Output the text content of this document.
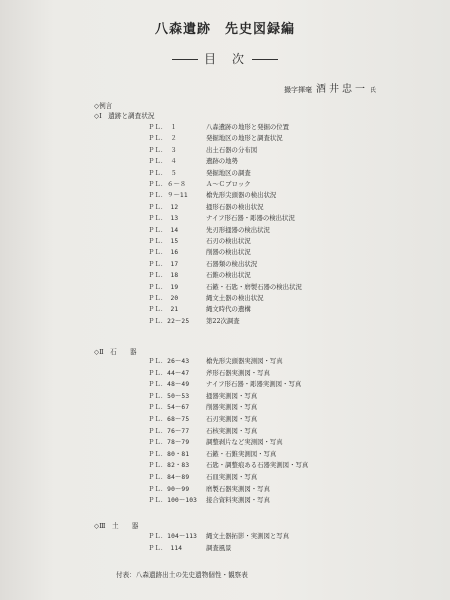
八森遺跡 先史図録編
目　次
撮字揮毫 酒井忠一 氏
◇例言
◇Ⅰ　遺跡と調査状況
◇Ⅱ　石　　器
◇Ⅲ　土　　器
ＰＬ．　１	八森遺跡の地形と発掘の位置
ＰＬ．　２	発掘地区の地形と調査状況
ＰＬ．　３	出土石器の分布図
ＰＬ．　４	遺跡の地勢
ＰＬ．　５	発掘地区の調査
ＰＬ．６～８	Ａ～Ｃブロック
ＰＬ．９～11	槍先形尖頭器の検出状況
ＰＬ．　12	掻形石器の検出状況
ＰＬ．　13	ナイフ形石器・彫器の検出状況
ＰＬ．　14	先刃形掻器の検出状況
ＰＬ．　15	石刃の検出状況
ＰＬ．　16	削器の検出状況
ＰＬ．　17	石器類の検出状況
ＰＬ．　18	石錐の検出状況
ＰＬ．　19	石鏃・石匙・磨製石器の検出状況
ＰＬ．　20	縄文土器の検出状況
ＰＬ．　21	縄文時代の遺構
ＰＬ．22～25	第22次調査
ＰＬ．26～43	槍先形尖頭器実測図・写真
ＰＬ．44～47	斧形石器実測図・写真
ＰＬ．48～49	ナイフ形石器・彫器実測図・写真
ＰＬ．50～53	掻器実測図・写真
ＰＬ．54～67	削器実測図・写真
ＰＬ．68～75	石刃実測図・写真
ＰＬ．76～77	石核実測図・写真
ＰＬ．78～79	調整剥片など実測図・写真
ＰＬ．80・81	石鏃・石錐実測図・写真
ＰＬ．82・83	石匙・調整痕ある石器実測図・写真
ＰＬ．84～89	石皿実測図・写真
ＰＬ．90～99	磨製石器実測図・写真
ＰＬ．100～103 接合資料実測図・写真
ＰＬ．104～113 縄文土器拓影・実測図と写真
ＰＬ．　114	調査風景
付表：八森遺跡出土の先史遺物個性・観察表
